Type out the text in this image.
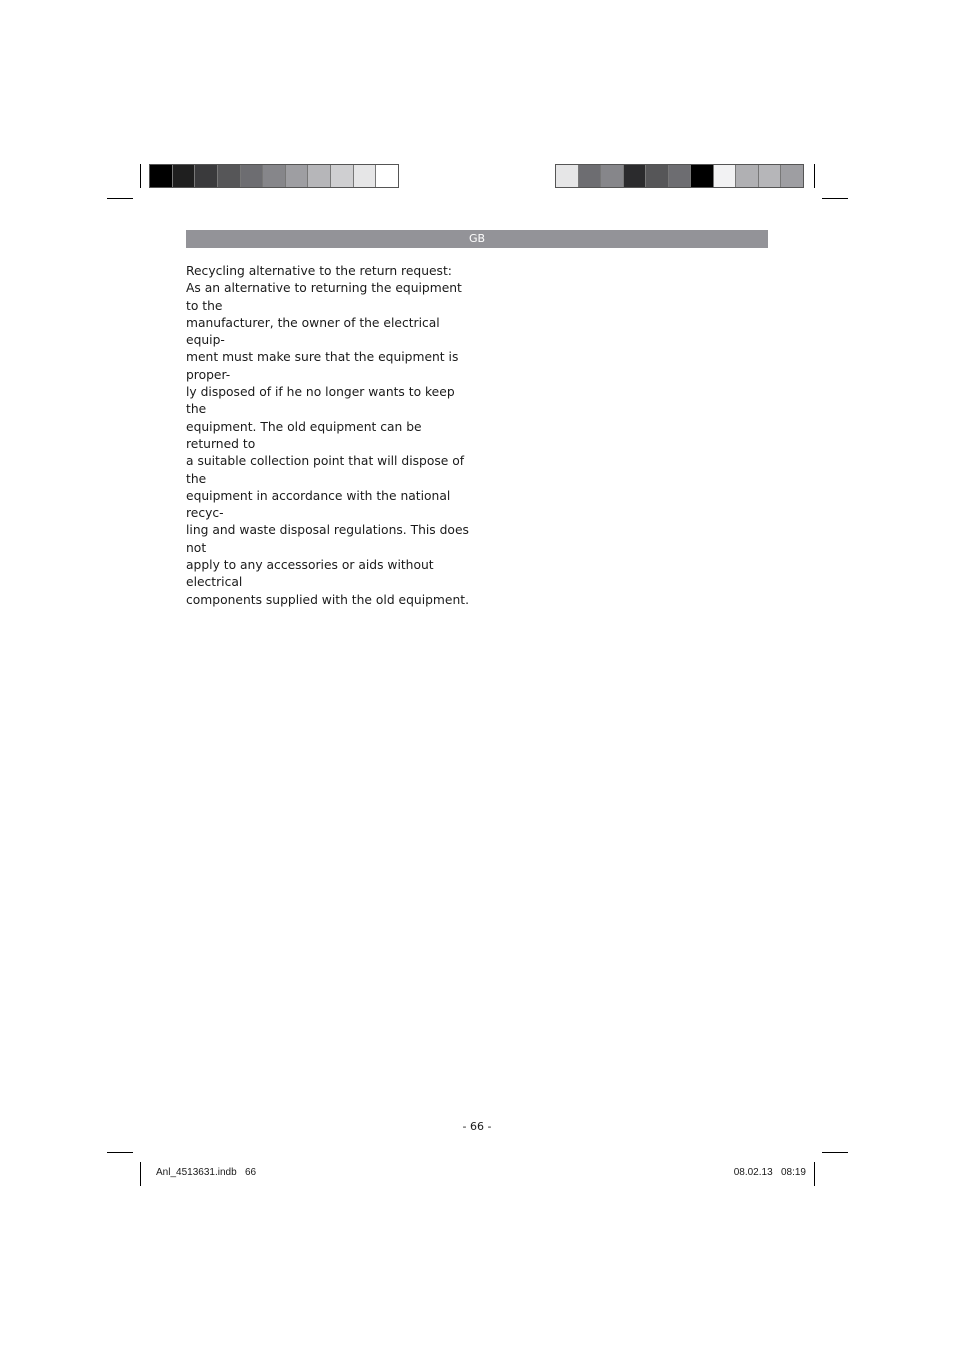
GB

Recycling alternative to the return request:

As an alternative to returning the equipment to the

manufacturer, the owner of the electrical equip-

ment must make sure that the equipment is proper-

ly disposed of if he no longer wants to keep the

equipment. The old equipment can be returned to

a suitable collection point that will dispose of the

equipment in accordance with the national recyc-

ling and waste disposal regulations. This does not

apply to any accessories or aids without electrical

components supplied with the old equipment.

- 66 -
Anl_4513631.indb   66	08.02.13   08:19
